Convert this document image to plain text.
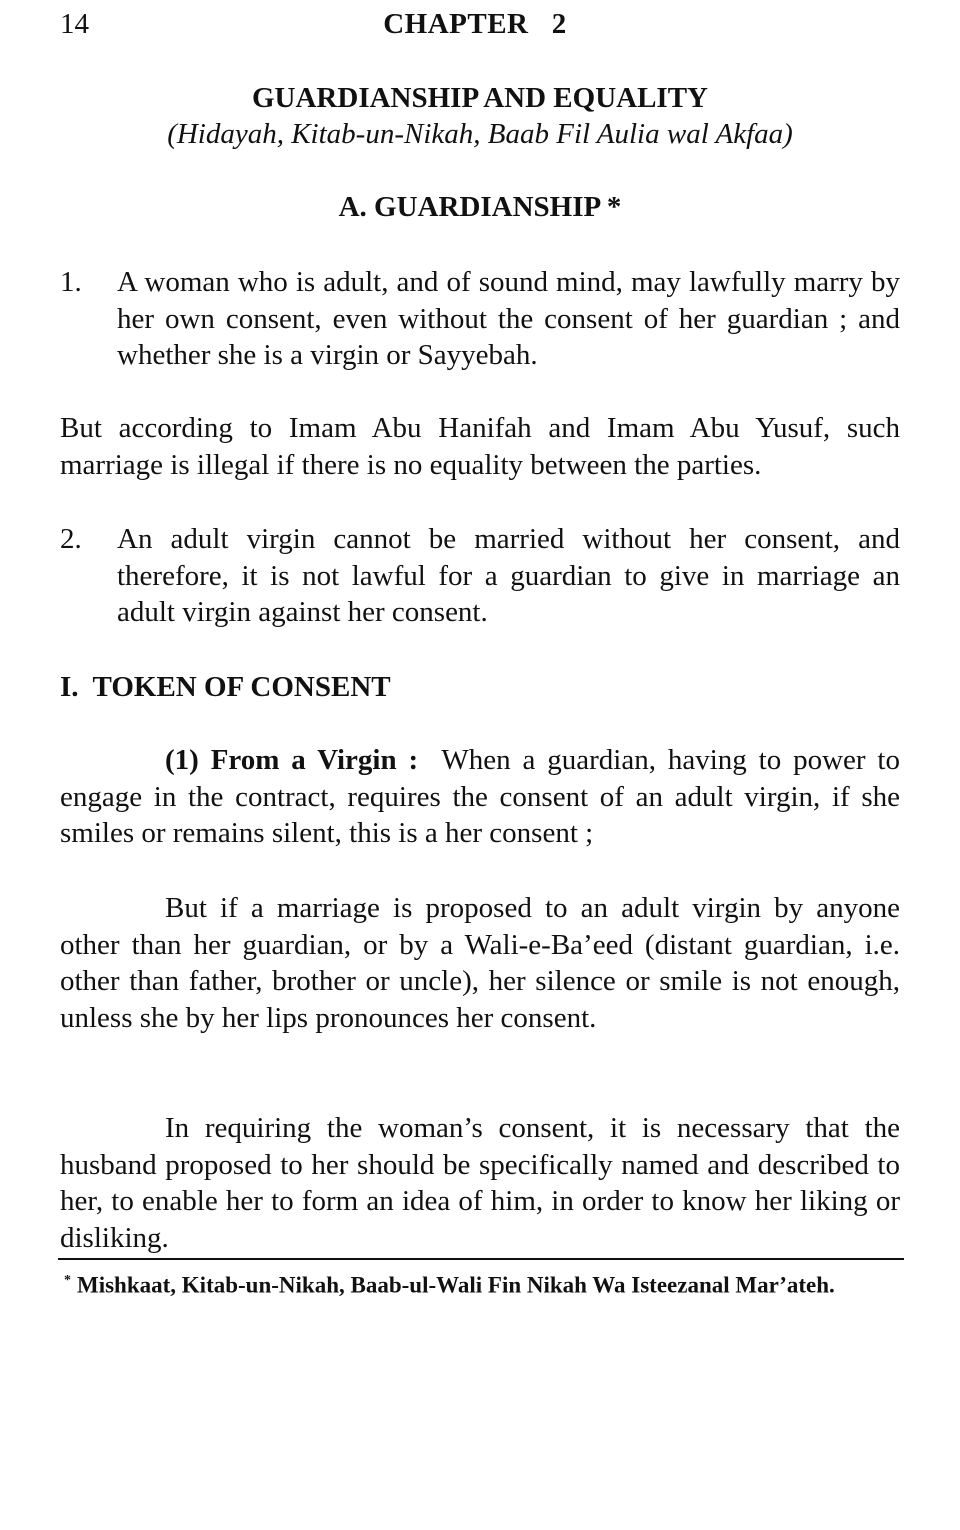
14	CHAPTER   2
GUARDIANSHIP AND EQUALITY
(Hidayah, Kitab-un-Nikah, Baab Fil Aulia wal Akfaa)
A. GUARDIANSHIP *
1. A woman who is adult, and of sound mind, may lawfully marry by her own consent, even without the consent of her guardian ; and whether she is a virgin or Sayyebah.
But according to Imam Abu Hanifah and Imam Abu Yusuf, such marriage is illegal if there is no equality between the parties.
2. An adult virgin cannot be married without her consent, and therefore, it is not lawful for a guardian to give in marriage an adult virgin against her consent.
I.  TOKEN OF CONSENT
(1) From a Virgin : When a guardian, having to power to engage in the contract, requires the consent of an adult virgin, if she smiles or remains silent, this is a her consent ;
But if a marriage is proposed to an adult virgin by anyone other than her guardian, or by a Wali-e-Ba’eed (distant guardian, i.e. other than father, brother or uncle), her silence or smile is not enough, unless she by her lips pronounces her consent.
In requiring the woman’s consent, it is necessary that the husband proposed to her should be specifically named and described to her, to enable her to form an idea of him, in order to know her liking or disliking.
* Mishkaat, Kitab-un-Nikah, Baab-ul-Wali Fin Nikah Wa Isteezanal Mar’ateh.
